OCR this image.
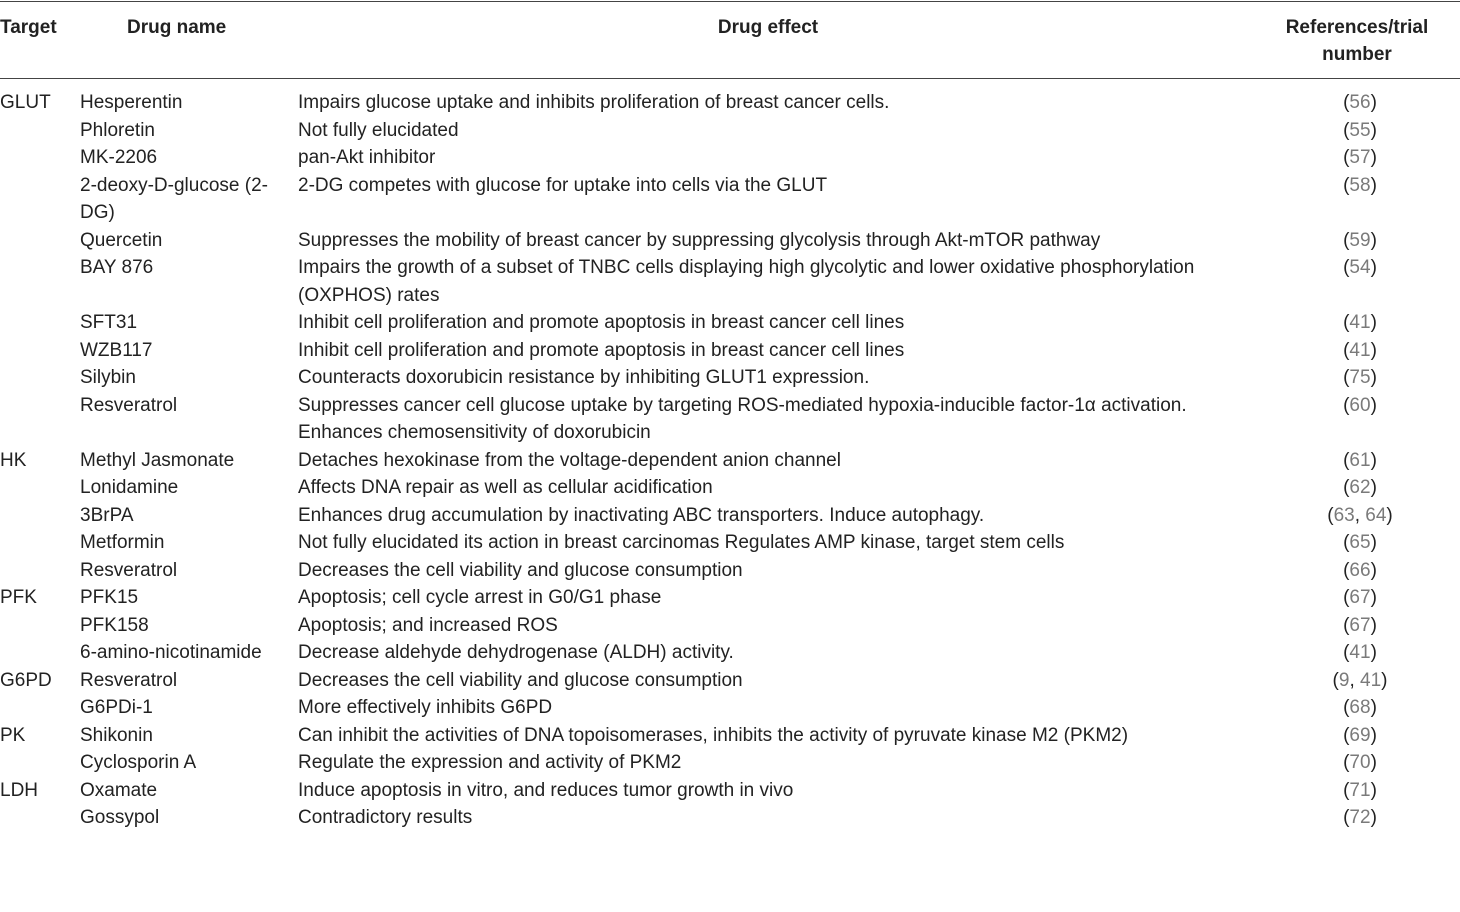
Target	Drug name	Drug effect	References/trial
number
GLUT	Hesperentin	Impairs glucose uptake and inhibits proliferation of breast cancer cells.	(56)

	Phloretin	Not fully elucidated	(55)

	MK-2206	pan-Akt inhibitor	(57)

	2-deoxy-D-glucose (2-DG)	2-DG competes with glucose for uptake into cells via the GLUT	(58)

	Quercetin	Suppresses the mobility of breast cancer by suppressing glycolysis through Akt-mTOR pathway	(59)

	BAY 876	Impairs the growth of a subset of TNBC cells displaying high glycolytic and lower oxidative phosphorylation (OXPHOS) rates	(54)

	SFT31	Inhibit cell proliferation and promote apoptosis in breast cancer cell lines	(41)

	WZB117	Inhibit cell proliferation and promote apoptosis in breast cancer cell lines	(41)

	Silybin	Counteracts doxorubicin resistance by inhibiting GLUT1 expression.	(75)

	Resveratrol	Suppresses cancer cell glucose uptake by targeting ROS-mediated hypoxia-inducible factor-1α activation. Enhances chemosensitivity of doxorubicin	(60)
HK	Methyl Jasmonate	Detaches hexokinase from the voltage-dependent anion channel	(61)

	Lonidamine	Affects DNA repair as well as cellular acidification	(62)

	3BrPA	Enhances drug accumulation by inactivating ABC transporters. Induce autophagy.	(63, 64)

	Metformin	Not fully elucidated its action in breast carcinomas Regulates AMP kinase, target stem cells	(65)

	Resveratrol	Decreases the cell viability and glucose consumption	(66)
PFK	PFK15	Apoptosis; cell cycle arrest in G0/G1 phase	(67)

	PFK158	Apoptosis; and increased ROS	(67)

	6-amino-nicotinamide	Decrease aldehyde dehydrogenase (ALDH) activity.	(41)
G6PD	Resveratrol	Decreases the cell viability and glucose consumption	(9, 41)

	G6PDi-1	More effectively inhibits G6PD	(68)
PK	Shikonin	Can inhibit the activities of DNA topoisomerases, inhibits the activity of pyruvate kinase M2 (PKM2)	(69)

	Cyclosporin A	Regulate the expression and activity of PKM2	(70)
LDH	Oxamate	Induce apoptosis in vitro, and reduces tumor growth in vivo	(71)

	Gossypol	Contradictory results	(72)
